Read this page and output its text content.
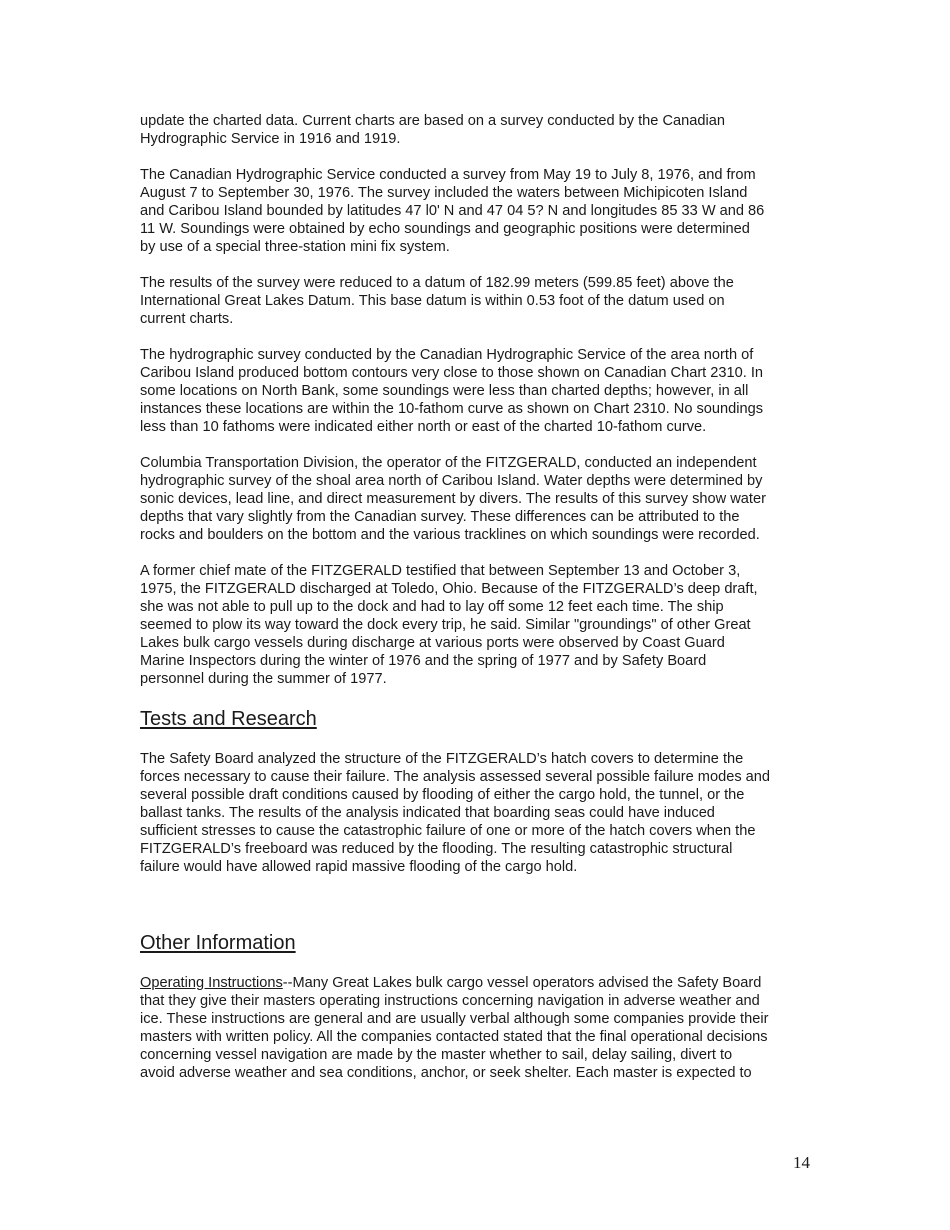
update the charted data. Current charts are based on a survey conducted by the Canadian
Hydrographic Service in 1916 and 1919.

The Canadian Hydrographic Service conducted a survey from May 19 to July 8, 1976, and from
August 7 to September 30, 1976. The survey included the waters between Michipicoten Island
and Caribou Island bounded by latitudes 47 l0' N and 47 04 5? N and longitudes 85 33 W and 86
11 W. Soundings were obtained by echo soundings and geographic positions were determined
by use of a special three-station mini fix system.

The results of the survey were reduced to a datum of 182.99 meters (599.85 feet) above the
International Great Lakes Datum. This base datum is within 0.53 foot of the datum used on
current charts.

The hydrographic survey conducted by the Canadian Hydrographic Service of the area north of
Caribou Island produced bottom contours very close to those shown on Canadian Chart 2310. In
some locations on North Bank, some soundings were less than charted depths; however, in all
instances these locations are within the 10-fathom curve as shown on Chart 2310. No soundings
less than 10 fathoms were indicated either north or east of the charted 10-fathom curve.

Columbia Transportation Division, the operator of the FITZGERALD, conducted an independent
hydrographic survey of the shoal area north of Caribou Island. Water depths were determined by
sonic devices, lead line, and direct measurement by divers. The results of this survey show water
depths that vary slightly from the Canadian survey. These differences can be attributed to the
rocks and boulders on the bottom and the various tracklines on which soundings were recorded.

A former chief mate of the FITZGERALD testified that between September 13 and October 3,
1975, the FITZGERALD discharged at Toledo, Ohio. Because of the FITZGERALD’s deep draft,
she was not able to pull up to the dock and had to lay off some 12 feet each time. The ship
seemed to plow its way toward the dock every trip, he said. Similar "groundings" of other Great
Lakes bulk cargo vessels during discharge at various ports were observed by Coast Guard
Marine Inspectors during the winter of 1976 and the spring of 1977 and by Safety Board
personnel during the summer of 1977.

Tests and Research

The Safety Board analyzed the structure of the FITZGERALD’s hatch covers to determine the
forces necessary to cause their failure. The analysis assessed several possible failure modes and
several possible draft conditions caused by flooding of either the cargo hold, the tunnel, or the
ballast tanks. The results of the analysis indicated that boarding seas could have induced
sufficient stresses to cause the catastrophic failure of one or more of the hatch covers when the
FITZGERALD’s freeboard was reduced by the flooding. The resulting catastrophic structural
failure would have allowed rapid massive flooding of the cargo hold.

Other Information

Operating Instructions--Many Great Lakes bulk cargo vessel operators advised the Safety Board
that they give their masters operating instructions concerning navigation in adverse weather and
ice. These instructions are general and are usually verbal although some companies provide their
masters with written policy. All the companies contacted stated that the final operational decisions
concerning vessel navigation are made by the master whether to sail, delay sailing, divert to
avoid adverse weather and sea conditions, anchor, or seek shelter. Each master is expected to

14
